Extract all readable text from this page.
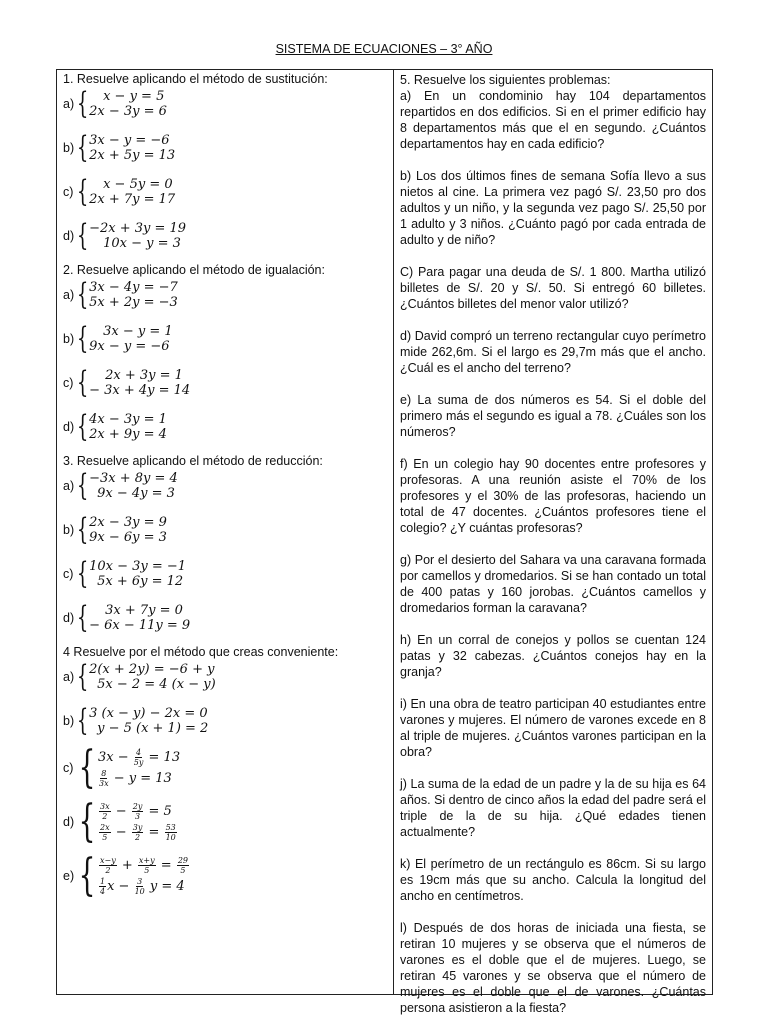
SISTEMA DE ECUACIONES – 3° AÑO

1. Resuelve aplicando el método de sustitución:

a) {	x − y = 5
2x − 3y = 6
b) { 3x − y = −6
2x + 5y = 13
c) {	x − 5y = 0
2x + 7y = 17
d) { −2x + 3y = 19
10x − y = 3

2. Resuelve aplicando el método de igualación:

a) { 3x − 4y = −7
5x + 2y = −3
b) {	3x − y = 1
9x − y = −6
c) {	2x + 3y = 1
− 3x + 4y = 14
d) { 4x − 3y = 1
2x + 9y = 4

3. Resuelve aplicando el método de reducción:

a) { −3x + 8y = 4
9x − 4y = 3
b) { 2x − 3y = 9
9x − 6y = 3
c) { 10x − 3y = −1
5x + 6y = 12
d) {	3x + 7y = 0
− 6x − 11y = 9

4 Resuelve por el método que creas conveniente:

a) { 2(x + 2y) = −6 + y
5x − 2 = 4 (x − y)
b) { 3 (x − y) − 2x = 0
y − 5 (x + 1) = 2
c) { $3x - \frac{4}{5y} = 13$
$\frac{8}{3x} - y = 13$
d) { $\frac{3x}{2} - \frac{2y}{3} = 5$
$\frac{2x}{5} - \frac{3y}{2} = \frac{53}{10}$
e) { $\frac{x-y}{2} + \frac{x+y}{5} = \frac{29}{5}$
$\frac{1}{4}$ $x - \frac{3}{10}$ y = 4

5. Resuelve los siguientes problemas:

a) En un condominio hay 104 departamentos repartidos en dos edificios. Si en el primer edificio hay 8 departamentos más que el en segundo. ¿Cuántos departamentos hay en cada edificio?

b) Los dos últimos fines de semana Sofía llevo a sus nietos al cine. La primera vez pagó S/. 23,50 pro dos adultos y un niño, y la segunda vez pago S/. 25,50 por 1 adulto y 3 niños. ¿Cuánto pagó por cada entrada de adulto y de niño?

C) Para pagar una deuda de S/. 1 800. Martha utilizó billetes de S/. 20 y S/. 50. Si entregó 60 billetes. ¿Cuántos billetes del menor valor utilizó?

d) David compró un terreno rectangular cuyo perímetro mide 262,6m. Si el largo es 29,7m más que el ancho. ¿Cuál es el ancho del terreno?

e) La suma de dos números es 54. Si el doble del primero más el segundo es igual a 78. ¿Cuáles son los números?

f) En un colegio hay 90 docentes entre profesores y profesoras. A una reunión asiste el 70% de los profesores y el 30% de las profesoras, haciendo un total de 47 docentes. ¿Cuántos profesores tiene el colegio? ¿Y cuántas profesoras?

g) Por el desierto del Sahara va una caravana formada por camellos y dromedarios. Si se han contado un total de 400 patas y 160 jorobas. ¿Cuántos camellos y dromedarios forman la caravana?

h) En un corral de conejos y pollos se cuentan 124 patas y 32 cabezas. ¿Cuántos conejos hay en la granja?

i) En una obra de teatro participan 40 estudiantes entre varones y mujeres. El número de varones excede en 8 al triple de mujeres. ¿Cuántos varones participan en la obra?

j) La suma de la edad de un padre y la de su hija es 64 años. Si dentro de cinco años la edad del padre será el triple de la de su hija. ¿Qué edades tienen actualmente?

k) El perímetro de un rectángulo es 86cm. Si su largo es 19cm más que su ancho. Calcula la longitud del ancho en centímetros.

l) Después de dos horas de iniciada una fiesta, se retiran 10 mujeres y se observa que el números de varones es el doble que el de mujeres. Luego, se retiran 45 varones y se observa que el número de mujeres es el doble que el de varones. ¿Cuántas persona asistieron a la fiesta?
